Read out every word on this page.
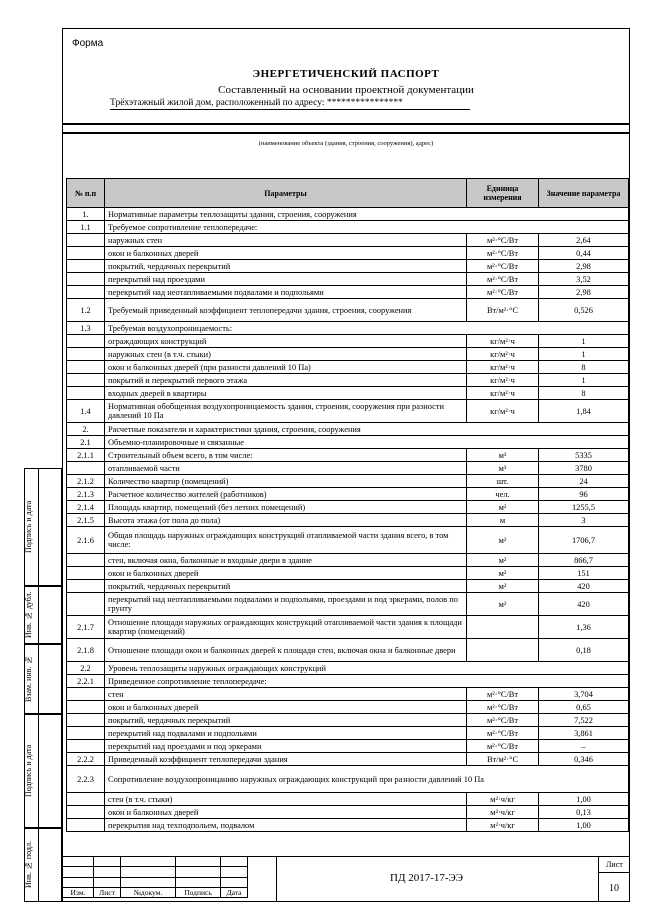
Форма
ЭНЕРГЕТИЧЕНСКИЙ ПАСПОРТ
Составленный на основании проектной документации
Трёхэтажный жилой дом, расположенный по адресу: ****************
(наименование объекта (здания, строения, сооружения), адрес)
№ п.п	Параметры	Единица измерения	Значение параметра
1.	Нормативные параметры теплозащиты здания, строения, сооружения		
1.1	Требуемое сопротивление теплопередаче:		
	наружных стен	м²·°С/Вт	2,64
	окон и балконных дверей	м²·°С/Вт	0,44
	покрытий, чердачных перекрытий	м²·°С/Вт	2,98
	перекрытий над проездами	м²·°С/Вт	3,52
	перекрытий над неотапливаемыми подвалами и подпольями	м²·°С/Вт	2,98
1.2	Требуемый приведенный коэффициент теплопередачи здания, строения, сооружения	Вт/м²·°С	0,526
1.3	Требуемая воздухопроницаемость:		
	ограждающих конструкций	кг/м²·ч	1
	наружных стен (в т.ч. стыки)	кг/м²·ч	1
	окон и балконных дверей (при разности давлений 10 Па)	кг/м²·ч	8
	покрытий и перекрытий первого этажа	кг/м²·ч	1
	входных дверей в квартиры	кг/м²·ч	8
1.4	Нормативная обобщенная воздухопроницаемость здания, строения, сооружения при разности давлений 10 Па	кг/м²·ч	1,84
2.	Расчетные показатели и характеристики здания, строения, сооружения		
2.1	Объемно-планировочные и связанные		
2.1.1	Строительный объем всего, в том числе:	м³	5335
	отапливаемой части	м³	3780
2.1.2	Количество квартир (помещений)	шт.	24
2.1.3	Расчетное количество жителей (работников)	чел.	96
2.1.4	Площадь квартир, помещений (без летних помещений)	м²	1255,5
2.1.5	Высота этажа (от пола до пола)	м	3
2.1.6	Общая площадь наружных ограждающих конструкций отапливаемой части здания всего, в том числе:	м²	1706,7
	стен, включая окна, балконные и входные двери в здание	м²	866,7
	окон и балконных дверей	м²	151
	покрытий, чердачных перекрытий	м²	420
	перекрытий над неотапливаемыми подвалами и подпольями, проездами и под эркерами, полов по грунту	м²	420
2.1.7	Отношение площади наружных ограждающих конструкций отапливаемой части здания к площади квартир (помещений)		1,36
2.1.8	Отношение площади окон и балконных дверей к площади стен, включая окна и балконные двери		0,18
2.2	Уровень теплозащиты наружных ограждающих конструкций		
2.2.1	Приведенное сопротивление теплопередаче:		
	стен	м²·°С/Вт	3,704
	окон и балконных дверей	м²·°С/Вт	0,65
	покрытий, чердачных перекрытий	м²·°С/Вт	7,522
	перекрытий над подвалами и подпольями	м²·°С/Вт	3,861
	перекрытий над проездами и под эркерами	м²·°С/Вт	–
2.2.2	Приведенный коэффициент теплопередачи здания	Вт/м²·°С	0,346
2.2.3	Сопротивление воздухопроницанию наружных ограждающих конструкций при разности давлений 10 Па		
	стен (в т.ч. стыки)	м²·ч/кг	1,00
	окон и балконных дверей	м²·ч/кг	0,13
	перекрытия над техподпольем, подвалом	м²·ч/кг	1,00
Подпись и дата
Инв. № дубл.
Взам. инв. №
Подпись и дата
Инв. № подл.

Изм.	Лист	№докум.	Подпись	Дата
ПД 2017-17-ЭЭ
Лист
10
